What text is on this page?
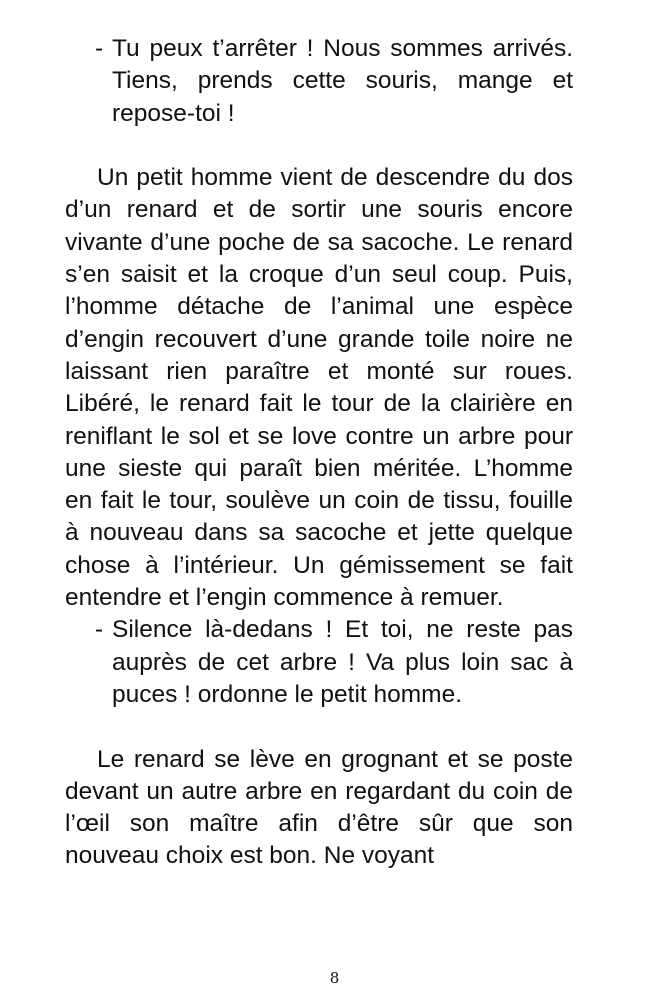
- Tu peux t’arrêter ! Nous sommes arrivés. Tiens, prends cette souris, mange et repose-toi !

Un petit homme vient de descendre du dos d’un renard et de sortir une souris encore vivante d’une poche de sa sacoche. Le renard s’en saisit et la croque d’un seul coup. Puis, l’homme détache de l’animal une espèce d’engin recouvert d’une grande toile noire ne laissant rien paraître et monté sur roues. Libéré, le renard fait le tour de la clairière en reniflant le sol et se love contre un arbre pour une sieste qui paraît bien méritée. L’homme en fait le tour, soulève un coin de tissu, fouille à nouveau dans sa sacoche et jette quelque chose à l’intérieur. Un gémissement se fait entendre et l’engin commence à remuer.

- Silence là-dedans ! Et toi, ne reste pas auprès de cet arbre ! Va plus loin sac à puces ! ordonne le petit homme.

Le renard se lève en grognant et se poste devant un autre arbre en regardant du coin de l’œil son maître afin d’être sûr que son nouveau choix est bon. Ne voyant

8
